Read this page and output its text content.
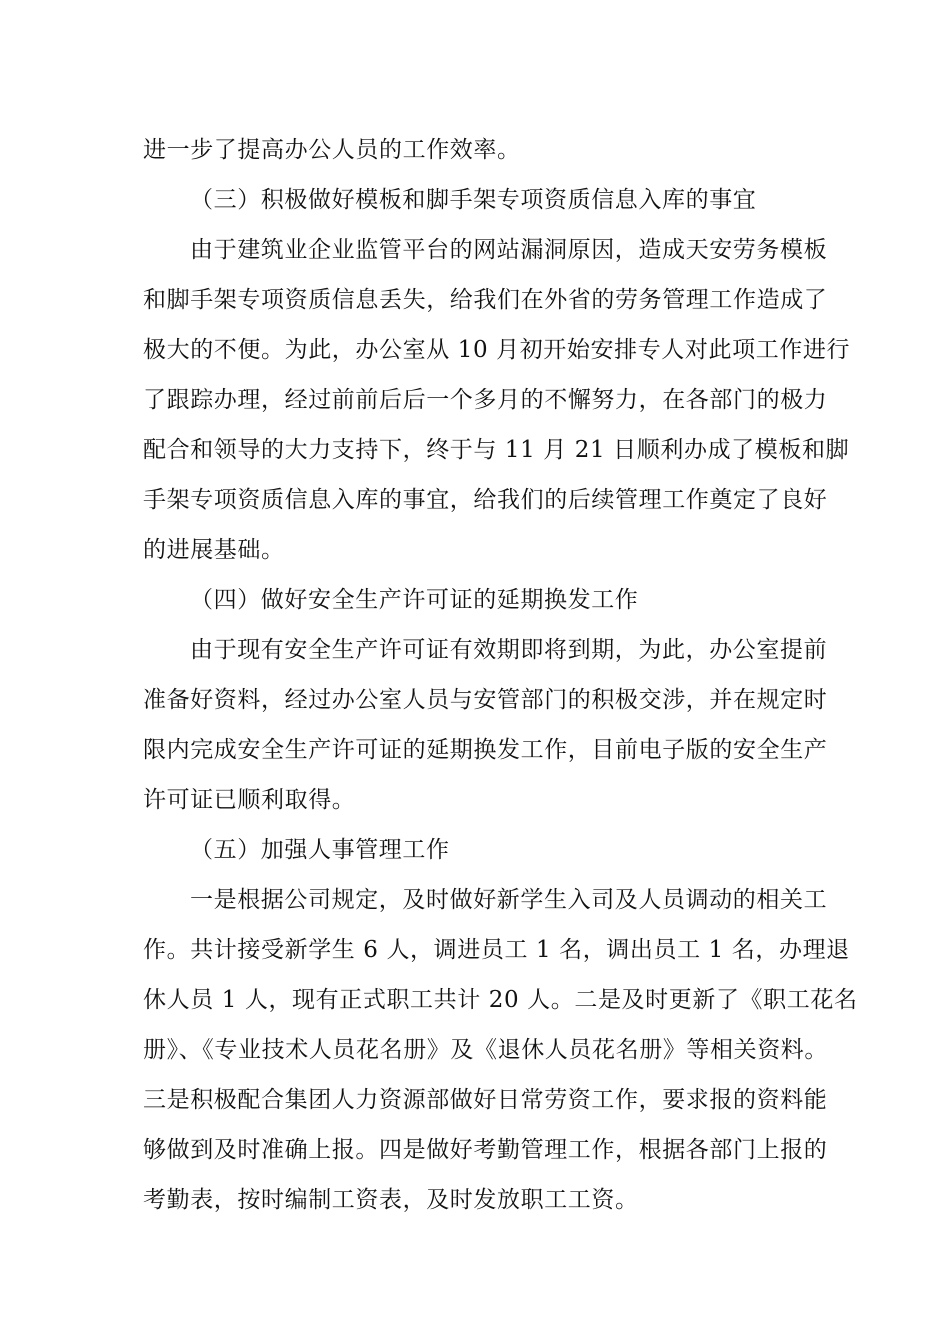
进一步了提高办公人员的工作效率。
（三）积极做好模板和脚手架专项资质信息入库的事宜
由于建筑业企业监管平台的网站漏洞原因，造成天安劳务模板
和脚手架专项资质信息丢失，给我们在外省的劳务管理工作造成了
极大的不便。为此，办公室从 10 月初开始安排专人对此项工作进行
了跟踪办理，经过前前后后一个多月的不懈努力，在各部门的极力
配合和领导的大力支持下，终于与 11 月 21 日顺利办成了模板和脚
手架专项资质信息入库的事宜，给我们的后续管理工作奠定了良好
的进展基础。
（四）做好安全生产许可证的延期换发工作
由于现有安全生产许可证有效期即将到期，为此，办公室提前
准备好资料，经过办公室人员与安管部门的积极交涉，并在规定时
限内完成安全生产许可证的延期换发工作，目前电子版的安全生产
许可证已顺利取得。
（五）加强人事管理工作
一是根据公司规定，及时做好新学生入司及人员调动的相关工
作。共计接受新学生 6 人，调进员工 1 名，调出员工 1 名，办理退
休人员 1 人，现有正式职工共计 20 人。二是及时更新了《职工花名
册》、《专业技术人员花名册》及《退休人员花名册》等相关资料。
三是积极配合集团人力资源部做好日常劳资工作，要求报的资料能
够做到及时准确上报。四是做好考勤管理工作，根据各部门上报的
考勤表，按时编制工资表，及时发放职工工资。
